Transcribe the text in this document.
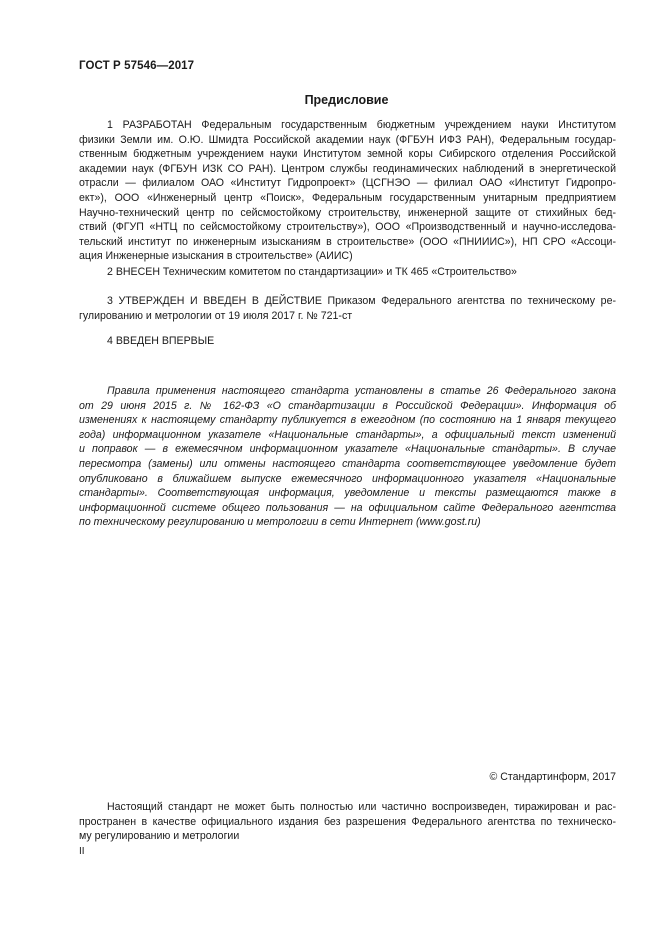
ГОСТ Р 57546—2017
Предисловие
1 РАЗРАБОТАН Федеральным государственным бюджетным учреждением науки Институтом
физики Земли им. О.Ю. Шмидта Российской академии наук (ФГБУН ИФЗ РАН), Федеральным государ-
ственным бюджетным учреждением науки Институтом земной коры Сибирского отделения Российской
академии наук (ФГБУН ИЗК СО РАН). Центром службы геодинамических наблюдений в энергетической
отрасли — филиалом ОАО «Институт Гидропроект» (ЦСГНЭО — филиал ОАО «Институт Гидропро-
ект»), ООО «Инженерный центр «Поиск», Федеральным государственным унитарным предприятием
Научно-технический центр по сейсмостойкому строительству, инженерной защите от стихийных бед-
ствий (ФГУП «НТЦ по сейсмостойкому строительству»), ООО «Производственный и научно-исследова-
тельский институт по инженерным изысканиям в строительстве» (ООО «ПНИИИС»), НП СРО «Ассоци-
ация Инженерные изыскания в строительстве» (АИИС)
2 ВНЕСЕН Техническим комитетом по стандартизации» и ТК 465 «Строительство»
3 УТВЕРЖДЕН И ВВЕДЕН В ДЕЙСТВИЕ Приказом Федерального агентства по техническому ре-
гулированию и метрологии от 19 июля 2017 г. № 721-ст
4 ВВЕДЕН ВПЕРВЫЕ
Правила применения настоящего стандарта установлены в статье 26 Федерального закона
от 29 июня 2015 г. № 162-ФЗ «О стандартизации в Российской Федерации». Информация об
изменениях к настоящему стандарту публикуется в ежегодном (по состоянию на 1 января текущего
года) информационном указателе «Национальные стандарты», а официальный текст изменений
и поправок — в ежемесячном информационном указателе «Национальные стандарты». В случае
пересмотра (замены) или отмены настоящего стандарта соответствующее уведомление будет
опубликовано в ближайшем выпуске ежемесячного информационного указателя «Национальные
стандарты». Соответствующая информация, уведомление и тексты размещаются также в
информационной системе общего пользования — на официальном сайте Федерального агентства
по техническому регулированию и метрологии в сети Интернет (www.gost.ru)
© Стандартинформ, 2017
Настоящий стандарт не может быть полностью или частично воспроизведен, тиражирован и рас-
пространен в качестве официального издания без разрешения Федерального агентства по техническо-
му регулированию и метрологии
II
